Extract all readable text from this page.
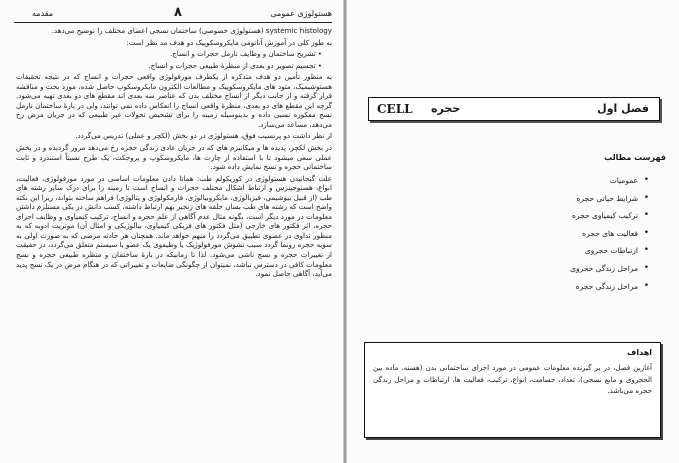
هستولوژی عمومی
۸
مقدمه

systemic histology (هستولوژی خصوصی) ساختمان نسجی اعضای مختلف را توضیح می‌دهد.

به طور کلی در آموزش آناتومی مایکروسکوپیک دو هدف مد نظر است:

• تشریح ساختمان و وظایف نارمل حجرات و انساج.

• تجسیم تصویر دو بعدی از منظرهٔ طبیعی حجرات و انساج.

به منظور تأمین دو هدف متذکره از یکطرف مورفولوژی واقعی حجرات و انساج که در نتیجه تحقیقات هستوشیمیک، متود های مایکروسکوپیک و مطالعات الکترون مایکروسکوپ حاصل شده، مورد بحث و مناقشه قرار گرفته و از جانب دیگر از انساج مختلف بدن که عناصر سه بعدی اند مقطع های دو بعدی تهیه می‌شود. گرچه این مقطع های دو بعدی، منظرهٔ واقعی انساج را انعکاس داده نمی توانند، ولی در بارهٔ ساختمان نارمل نسج مفکوره نسبی داده و بدینوسیله زمینه را برای تشخیص تحولات غیر طبیعی که در جریان مرض رخ می‌دهد، مساعد می‌سازد.

از نظر داشت دو پرنسیب فوق، هستولوژی در دو بخش (لکچر و عملی) تدریس می‌گردد.

در بخش لکچر، پدیده ها و میکانیزم های که در جریان عادی زندگی حجره رخ می‌دهد مرور گردیده و در بخش عملی سعی میشود تا با استفاده از چارت ها، مایکروسکوپ و پروجکت، یک طرح نسبتاً استندرد و ثابت ساختمانی حجره و نسج نمایش داده شود.

علت گنجانیدن هستولوژی در کوریکولم طب: همانا دادن معلومات اساسی در مورد مورفولوژی، فعالیت، انواع، هستوجینزس و ارتباط اشکال مختلف حجرات و انساج است تا زمینه را برای درک سایر رشته های طب (از قبیل بیوشیمی، فیزیالوژی، مایکروبیالوژی، فارمکولوژی و پتالوژی) فراهم ساخته بتواند، زیرا این نکته واضح است که رشته های طب بسان حلقه های زنجیر بهم ارتباط داشته، کسب دانش در یکی مستلزم داشتن معلومات در مورد دیگر است، بگونه مثال عدم آگاهی از علم حجره و انساج، ترکیب کیمیاوی و وظایف اجزای حجره، اثر فکتور های خارجی (مثل فکتور های فزیکی کیمیاوی، بیالوژیکی و امثال آن) موثریت ادویه که به منظور تداوی در عضوی تطبیق می‌گردد را مبهم خواهد ماند. همچنان هر حادثه مرضی که به صورت اولی به سویه حجره رونما گردد سبب تشوش مورفولوژیک یا وظیفوی یک عضو یا سیستم متعلق می‌گردد، در حقیقت از تغییرات حجره و نسج ناشی می‌شود. لذا تا زمانیکه در بارهٔ ساختمان و منظره طبیعی حجره و نسج معلومات کافی در دسترس نباشد، نمیتوان از چگونگی ضایعات و تغییراتی که در هنگام مرض در یک نسج پدید می‌آید، آگاهی حاصل نمود.

فصل اول
حجره
CELL
فهرست مطالب
• عمومیات
• شرایط حیاتی حجره
• ترکیب کیمیاوی حجره
• فعالیت های حجره
• ارتباطات حجروی
• مراحل زندگی حجروی
• مراحل زندگی حجره
اهداف
آغازین فصل، در بر گیرنده معلومات عمومی در مورد اجزای ساختمانی بدن (هسته، ماده بین الحجروی و مایع نسجی)، تعداد، جسامت، انواع، ترکیب، فعالیت ها، ارتباطات و مراحل زندگی حجره می‌باشد.
